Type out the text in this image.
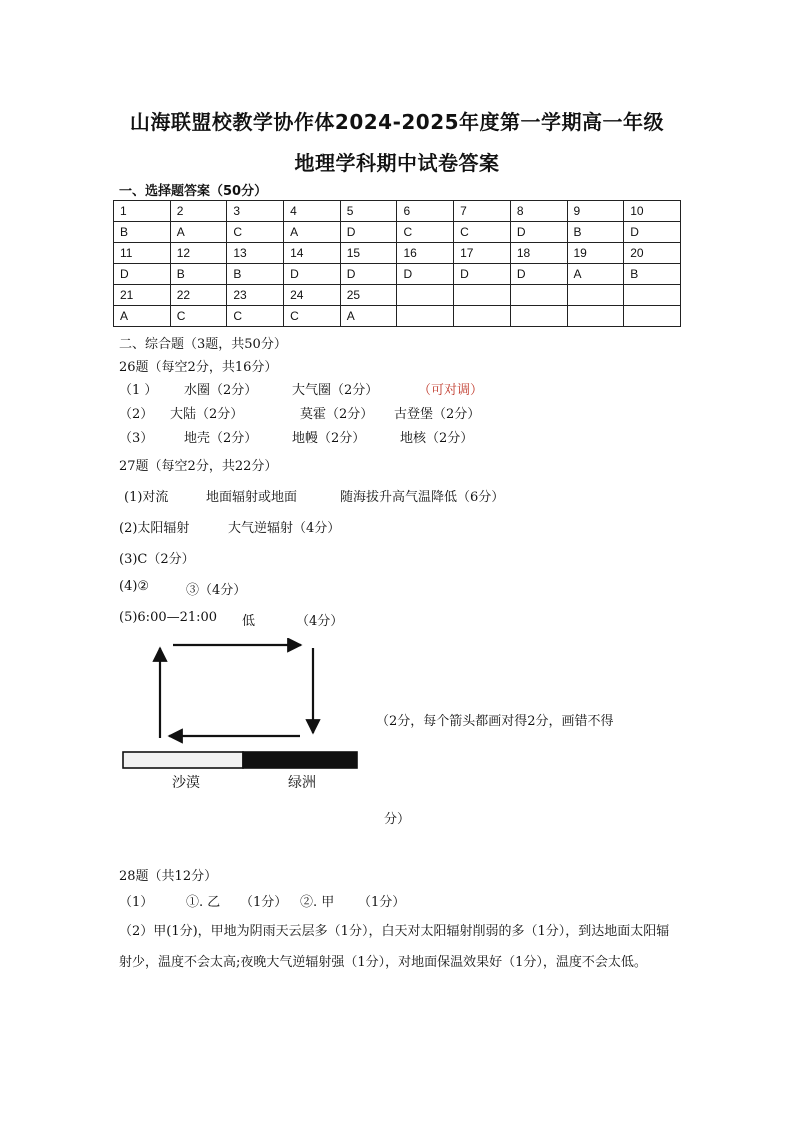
山海联盟校教学协作体2024-2025年度第一学期高一年级
地理学科期中试卷答案
一、选择题答案（50分）
1	2	3	4	5	6	7	8	9	10
B	A	C	A	D	C	C	D	B	D
11	12	13	14	15	16	17	18	19	20
D	B	B	D	D	D	D	D	A	B
21	22	23	24	25					
A	C	C	C	A					
二、综合题（3题，共50分）
26题（每空2分，共16分）
（1 ） 水圈（2分）	大气圈（2分）	（可对调）
（2） 大陆（2分）	莫霍（2分） 古登堡（2分）
（3） 地壳（2分）	地幔（2分）	地核（2分）
27题（每空2分，共22分）
(1)对流	地面辐射或地面	随海拔升高气温降低（6分）
(2)太阳辐射	大气逆辐射（4分）
(3)C（2分）
(4)②	③（4分）
(5)6:00—21:00 低	（4分）
沙漠	绿洲
（2分，每个箭头都画对得2分，画错不得
分）
28题（共12分）
（1）	①. 乙 （1分） ②. 甲 （1分）
（2）甲(1分)，甲地为阴雨天云层多（1分），白天对太阳辐射削弱的多（1分），到达地面太阳辐射少，温度不会太高;夜晚大气逆辐射强（1分），对地面保温效果好（1分），温度不会太低。
